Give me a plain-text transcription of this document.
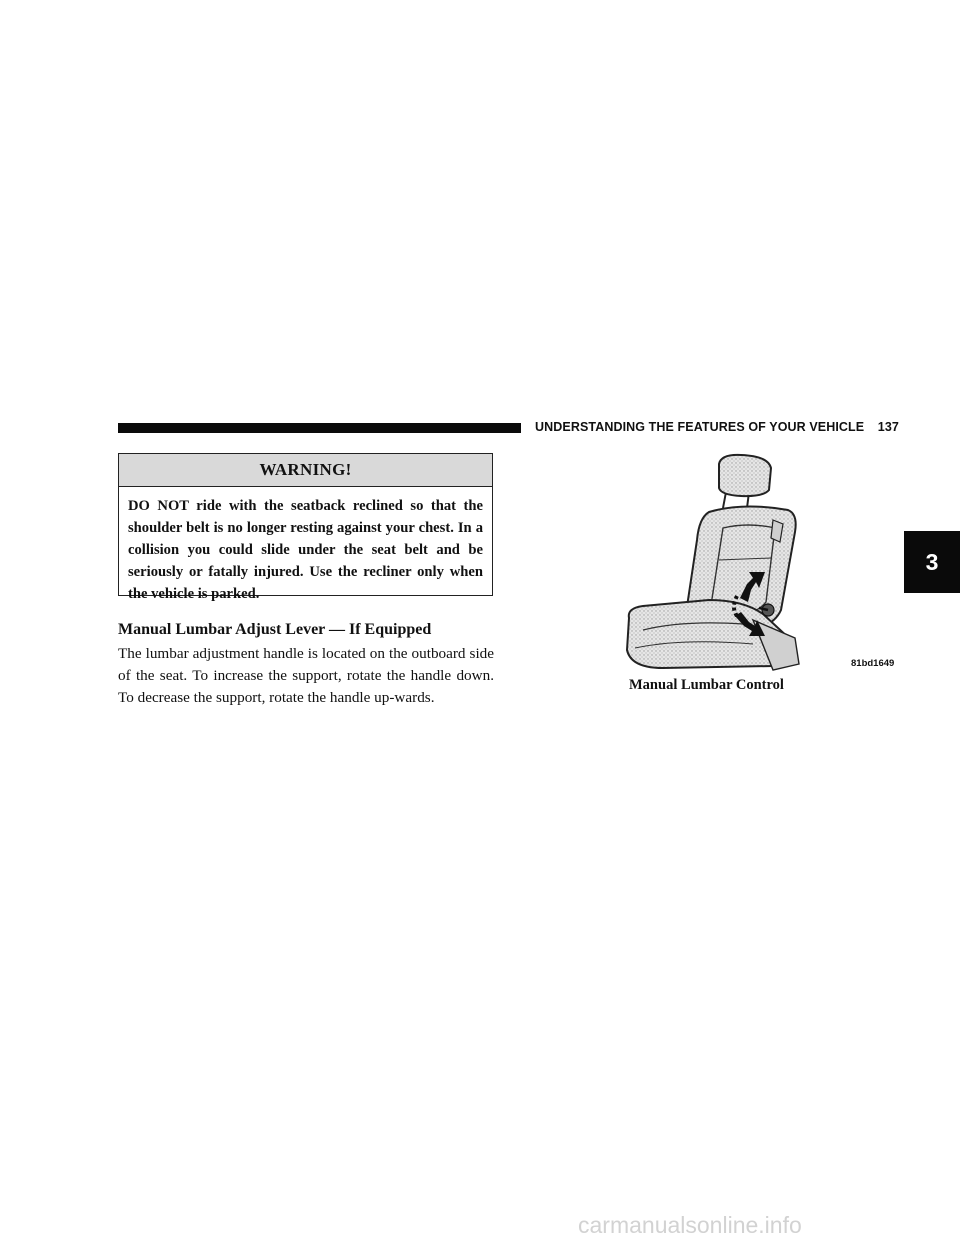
UNDERSTANDING THE FEATURES OF YOUR VEHICLE 137
WARNING!
DO NOT ride with the seatback reclined so that the shoulder belt is no longer resting against your chest. In a collision you could slide under the seat belt and be seriously or fatally injured. Use the recliner only when the vehicle is parked.
Manual Lumbar Adjust Lever — If Equipped
The lumbar adjustment handle is located on the outboard side of the seat. To increase the support, rotate the handle down. To decrease the support, rotate the handle up-wards.
81bd1649
Manual Lumbar Control
3
carmanualsonline.info
